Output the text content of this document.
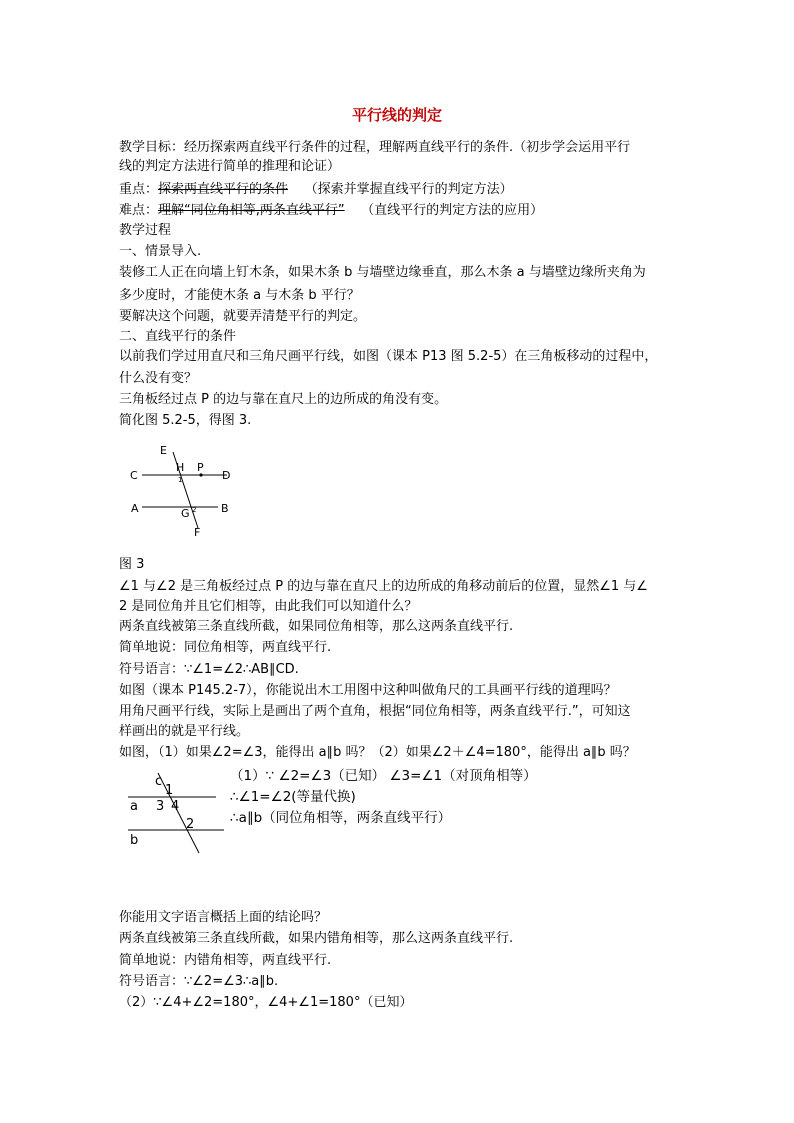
平行线的判定
教学目标：经历探索两直线平行条件的过程，理解两直线平行的条件.（初步学会运用平行
线的判定方法进行简单的推理和论证）
重点：探索两直线平行的条件 （探索并掌握直线平行的判定方法）
难点：理解“同位角相等,两条直线平行” （直线平行的判定方法的应用）
教学过程
一、情景导入.
装修工人正在向墙上钉木条，如果木条 b 与墙壁边缘垂直，那么木条 a 与墙壁边缘所夹角为
多少度时，才能使木条 a 与木条 b 平行？
要解决这个问题，就要弄清楚平行的判定。
二、直线平行的条件
以前我们学过用直尺和三角尺画平行线，如图（课本 P13 图 5.2-5）在三角板移动的过程中，
什么没有变？
三角板经过点 P 的边与靠在直尺上的边所成的角没有变。
简化图 5.2-5，得图 3.
E
H P
C	D
1
A	B
G 2
F
图 3
∠1 与∠2 是三角板经过点 P 的边与靠在直尺上的边所成的角移动前后的位置，显然∠1 与∠
2 是同位角并且它们相等，由此我们可以知道什么？
两条直线被第三条直线所截，如果同位角相等，那么这两条直线平行.
简单地说：同位角相等，两直线平行.
符号语言：∵∠1=∠2∴AB∥CD.
如图（课本 P145.2-7），你能说出木工用图中这种叫做角尺的工具画平行线的道理吗？
用角尺画平行线，实际上是画出了两个直角，根据“同位角相等，两条直线平行.”，可知这
样画出的就是平行线。
如图，（1）如果∠2=∠3，能得出 a∥b 吗？（2）如果∠2＋∠4=180°，能得出 a∥b 吗？
c
1
a 3 4
2
b
（1）∵ ∠2=∠3（已知） ∠3=∠1（对顶角相等）
∴∠1=∠2(等量代换)
∴a∥b（同位角相等，两条直线平行）
你能用文字语言概括上面的结论吗？
两条直线被第三条直线所截，如果内错角相等，那么这两条直线平行.
简单地说：内错角相等，两直线平行.
符号语言：∵∠2=∠3∴a∥b.
（2）∵∠4+∠2=180°，∠4+∠1=180°（已知）
